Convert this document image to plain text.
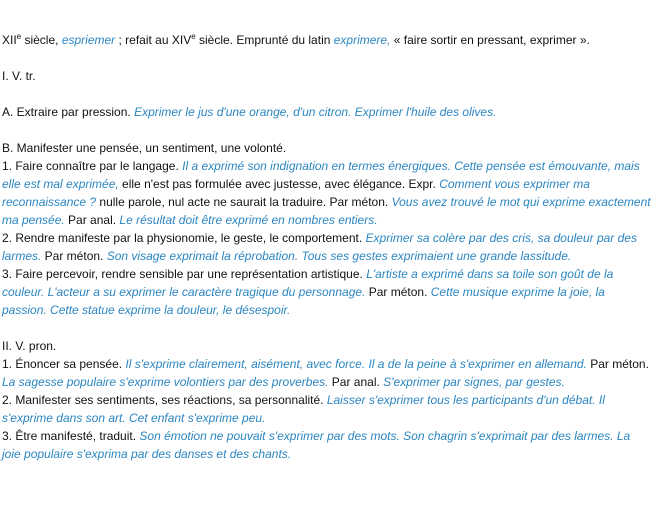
XIIe siècle, espriemer ; refait au XIVe siècle. Emprunté du latin exprimere, « faire sortir en pressant, exprimer ».

I. V. tr.

A. Extraire par pression. Exprimer le jus d'une orange, d'un citron. Exprimer l'huile des olives.

B. Manifester une pensée, un sentiment, une volonté.

1. Faire connaître par le langage. Il a exprimé son indignation en termes énergiques. Cette pensée est émouvante, mais elle est mal exprimée, elle n'est pas formulée avec justesse, avec élégance. Expr. Comment vous exprimer ma reconnaissance ? nulle parole, nul acte ne saurait la traduire. Par méton. Vous avez trouvé le mot qui exprime exactement ma pensée. Par anal. Le résultat doit être exprimé en nombres entiers.

2. Rendre manifeste par la physionomie, le geste, le comportement. Exprimer sa colère par des cris, sa douleur par des larmes. Par méton. Son visage exprimait la réprobation. Tous ses gestes exprimaient une grande lassitude.

3. Faire percevoir, rendre sensible par une représentation artistique. L'artiste a exprimé dans sa toile son goût de la couleur. L'acteur a su exprimer le caractère tragique du personnage. Par méton. Cette musique exprime la joie, la passion. Cette statue exprime la douleur, le désespoir.

II. V. pron.

1. Énoncer sa pensée. Il s'exprime clairement, aisément, avec force. Il a de la peine à s'exprimer en allemand. Par méton. La sagesse populaire s'exprime volontiers par des proverbes. Par anal. S'exprimer par signes, par gestes.

2. Manifester ses sentiments, ses réactions, sa personnalité. Laisser s'exprimer tous les participants d'un débat. Il s'exprime dans son art. Cet enfant s'exprime peu.

3. Être manifesté, traduit. Son émotion ne pouvait s'exprimer par des mots. Son chagrin s'exprimait par des larmes. La joie populaire s'exprima par des danses et des chants.
